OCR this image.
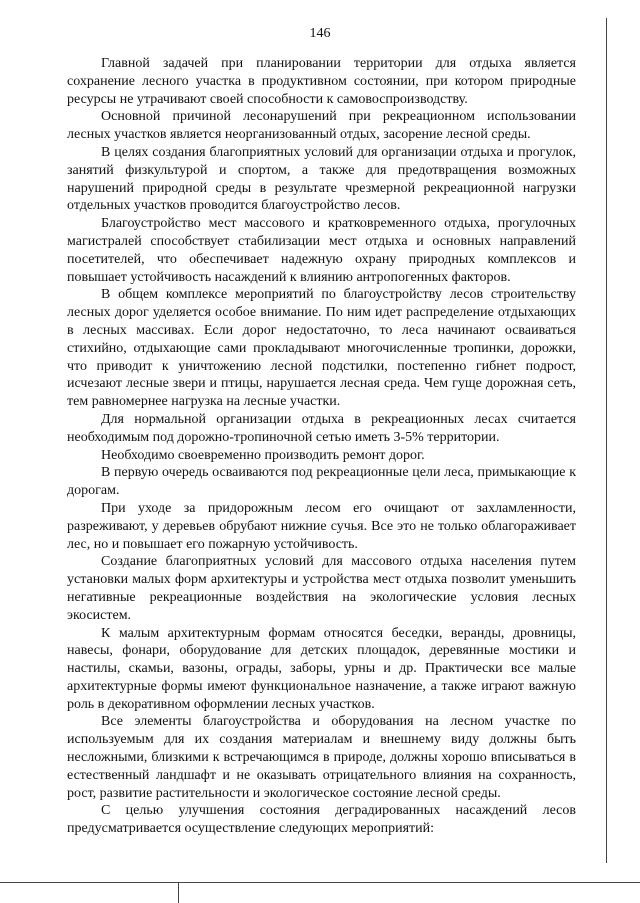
146

Главной задачей при планировании территории для отдыха является сохранение лесного участка в продуктивном состоянии, при котором природные ресурсы не утрачивают своей способности к самовоспроизводству.

Основной причиной лесонарушений при рекреационном использовании лесных участков является неорганизованный отдых, засорение лесной среды.

В целях создания благоприятных условий для организации отдыха и прогулок, занятий физкультурой и спортом, а также для предотвращения возможных нарушений природной среды в результате чрезмерной рекреационной нагрузки отдельных участков проводится благоустройство лесов.

Благоустройство мест массового и кратковременного отдыха, прогулочных магистралей способствует стабилизации мест отдыха и основных направлений посетителей, что обеспечивает надежную охрану природных комплексов и повышает устойчивость насаждений к влиянию антропогенных факторов.

В общем комплексе мероприятий по благоустройству лесов строительству лесных дорог уделяется особое внимание. По ним идет распределение отдыхающих в лесных массивах. Если дорог недостаточно, то леса начинают осваиваться стихийно, отдыхающие сами прокладывают многочисленные тропинки, дорожки, что приводит к уничтожению лесной подстилки, постепенно гибнет подрост, исчезают лесные звери и птицы, нарушается лесная среда. Чем гуще дорожная сеть, тем равномернее нагрузка на лесные участки.

Для нормальной организации отдыха в рекреационных лесах считается необходимым под дорожно-тропиночной сетью иметь 3-5% территории.

Необходимо своевременно производить ремонт дорог.

В первую очередь осваиваются под рекреационные цели леса, примыкающие к дорогам.

При уходе за придорожным лесом его очищают от захламленности, разреживают, у деревьев обрубают нижние сучья. Все это не только облагораживает лес, но и повышает его пожарную устойчивость.

Создание благоприятных условий для массового отдыха населения путем установки малых форм архитектуры и устройства мест отдыха позволит уменьшить негативные рекреационные воздействия на экологические условия лесных экосистем.

К малым архитектурным формам относятся беседки, веранды, дровницы, навесы, фонари, оборудование для детских площадок, деревянные мостики и настилы, скамьи, вазоны, ограды, заборы, урны и др. Практически все малые архитектурные формы имеют функциональное назначение, а также играют важную роль в декоративном оформлении лесных участков.

Все элементы благоустройства и оборудования на лесном участке по используемым для их создания материалам и внешнему виду должны быть несложными, близкими к встречающимся в природе, должны хорошо вписываться в естественный ландшафт и не оказывать отрицательного влияния на сохранность, рост, развитие растительности и экологическое состояние лесной среды.

С целью улучшения состояния деградированных насаждений лесов предусматривается осуществление следующих мероприятий:
